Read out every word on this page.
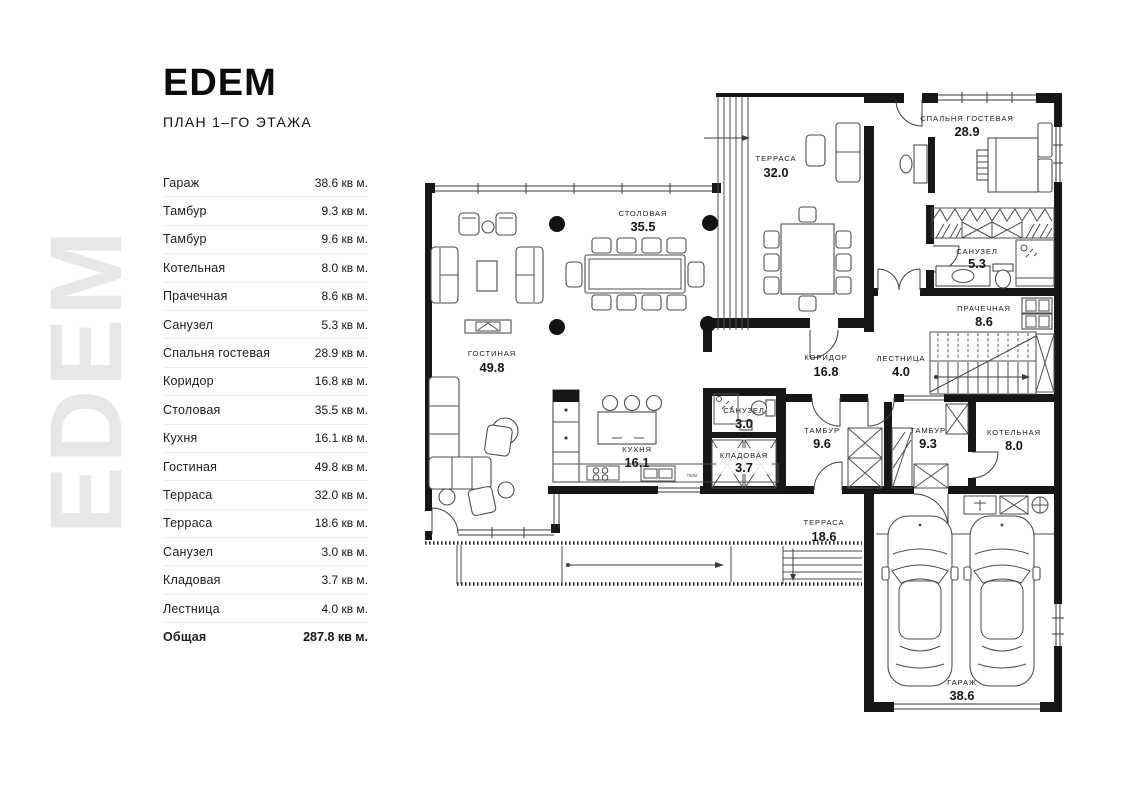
EDEM
EDEM
ПЛАН 1–ГО ЭТАЖА
Гараж	38.6 кв м.
Тамбур	9.3 кв м.
Тамбур	9.6 кв м.
Котельная	8.0 кв м.
Прачечная	8.6 кв м.
Санузел	5.3 кв м.
Спальня гостевая	28.9 кв м.
Коридор	16.8 кв м.
Столовая	35.5 кв м.
Кухня	16.1 кв м.
Гостиная	49.8 кв м.
Терраса	32.0 кв м.
Терраса	18.6 кв м.
Санузел	3.0 кв м.
Кладовая	3.7 кв м.
Лестница	4.0 кв м.
Общая	287.8 кв м.
ПММ
ТЕРРАСА
32.0
СПАЛЬНЯ ГОСТЕВАЯ
28.9
САНУЗЕЛ
5.3
ПРАЧЕЧНАЯ
8.6
СТОЛОВАЯ
35.5
ГОСТИНАЯ
49.8
КОРИДОР
16.8
ЛЕСТНИЦА
4.0
КУХНЯ
16.1
САНУЗЕЛ
3.0
КЛАДОВАЯ
3.7
ТАМБУР
9.6
ТАМБУР
9.3
КОТЕЛЬНАЯ
8.0
ТЕРРАСА
18.6
ГАРАЖ
38.6
